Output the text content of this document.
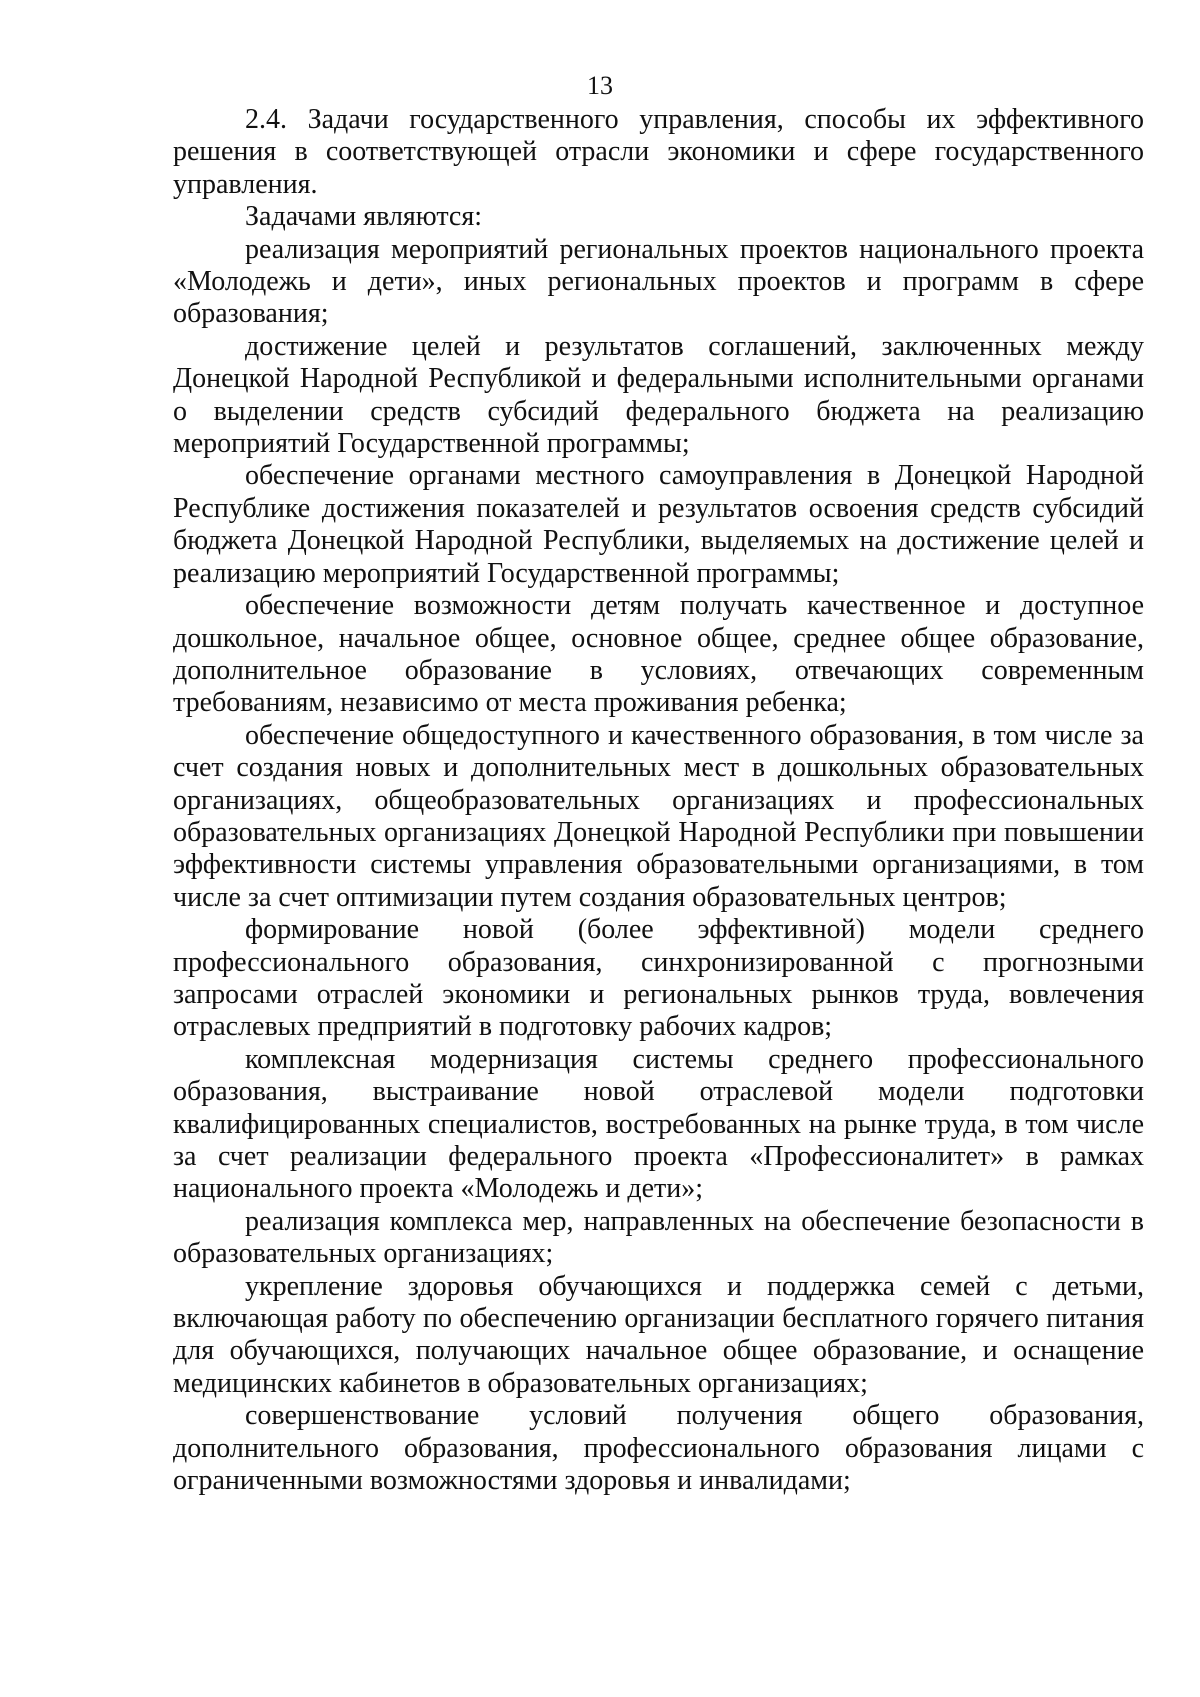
13

2.4. Задачи государственного управления, способы их эффективного решения в соответствующей отрасли экономики и сфере государственного управления.

Задачами являются:

реализация мероприятий региональных проектов национального проекта «Молодежь и дети», иных региональных проектов и программ в сфере образования;

достижение целей и результатов соглашений, заключенных между Донецкой Народной Республикой и федеральными исполнительными органами о выделении средств субсидий федерального бюджета на реализацию мероприятий Государственной программы;

обеспечение органами местного самоуправления в Донецкой Народной Республике достижения показателей и результатов освоения средств субсидий бюджета Донецкой Народной Республики, выделяемых на достижение целей и реализацию мероприятий Государственной программы;

обеспечение возможности детям получать качественное и доступное дошкольное, начальное общее, основное общее, среднее общее образование, дополнительное образование в условиях, отвечающих современным требованиям, независимо от места проживания ребенка;

обеспечение общедоступного и качественного образования, в том числе за счет создания новых и дополнительных мест в дошкольных образовательных организациях, общеобразовательных организациях и профессиональных образовательных организациях Донецкой Народной Республики при повышении эффективности системы управления образовательными организациями, в том числе за счет оптимизации путем создания образовательных центров;

формирование новой (более эффективной) модели среднего профессионального образования, синхронизированной с прогнозными запросами отраслей экономики и региональных рынков труда, вовлечения отраслевых предприятий в подготовку рабочих кадров;

комплексная модернизация системы среднего профессионального образования, выстраивание новой отраслевой модели подготовки квалифицированных специалистов, востребованных на рынке труда, в том числе за счет реализации федерального проекта «Профессионалитет» в рамках национального проекта «Молодежь и дети»;

реализация комплекса мер, направленных на обеспечение безопасности в образовательных организациях;

укрепление здоровья обучающихся и поддержка семей с детьми, включающая работу по обеспечению организации бесплатного горячего питания для обучающихся, получающих начальное общее образование, и оснащение медицинских кабинетов в образовательных организациях;

совершенствование условий получения общего образования, дополнительного образования, профессионального образования лицами с ограниченными возможностями здоровья и инвалидами;
